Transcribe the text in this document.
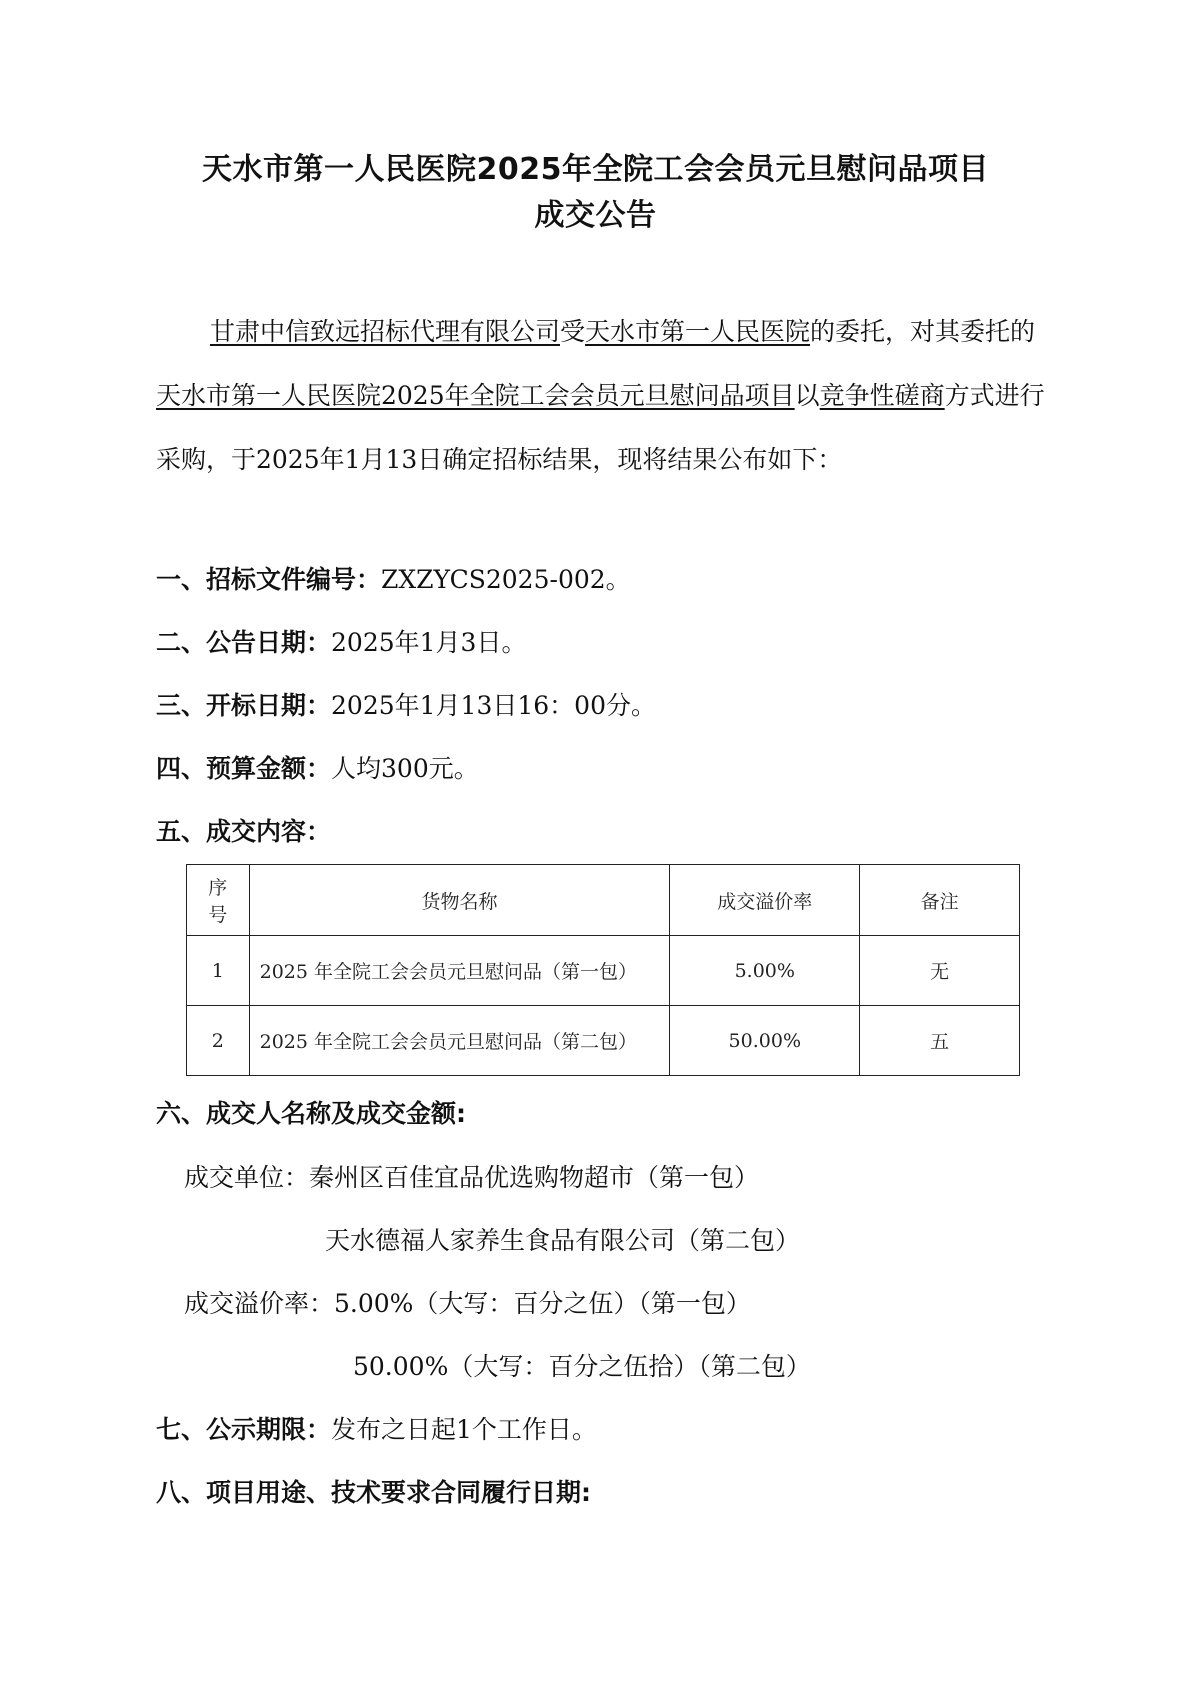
天水市第一人民医院2025年全院工会会员元旦慰问品项目
成交公告
甘肃中信致远招标代理有限公司受天水市第一人民医院的委托，对其委托的天水市第一人民医院2025年全院工会会员元旦慰问品项目以竞争性磋商方式进行采购，于2025年1月13日确定招标结果，现将结果公布如下：
一、招标文件编号：ZXZYCS2025-002。
二、公告日期：2025年1月3日。
三、开标日期：2025年1月13日16：00分。
四、预算金额：人均300元。
五、成交内容：
序
号	货物名称	成交溢价率	备注
1	2025 年全院工会会员元旦慰问品（第一包）	5.00%	无
2	2025 年全院工会会员元旦慰问品（第二包）	50.00%	五
六、成交人名称及成交金额:
成交单位：秦州区百佳宜品优选购物超市（第一包）
天水德福人家养生食品有限公司（第二包）
成交溢价率：5.00%（大写：百分之伍）（第一包）
50.00%（大写：百分之伍拾）（第二包）
七、公示期限：发布之日起1个工作日。
八、项目用途、技术要求合同履行日期:
